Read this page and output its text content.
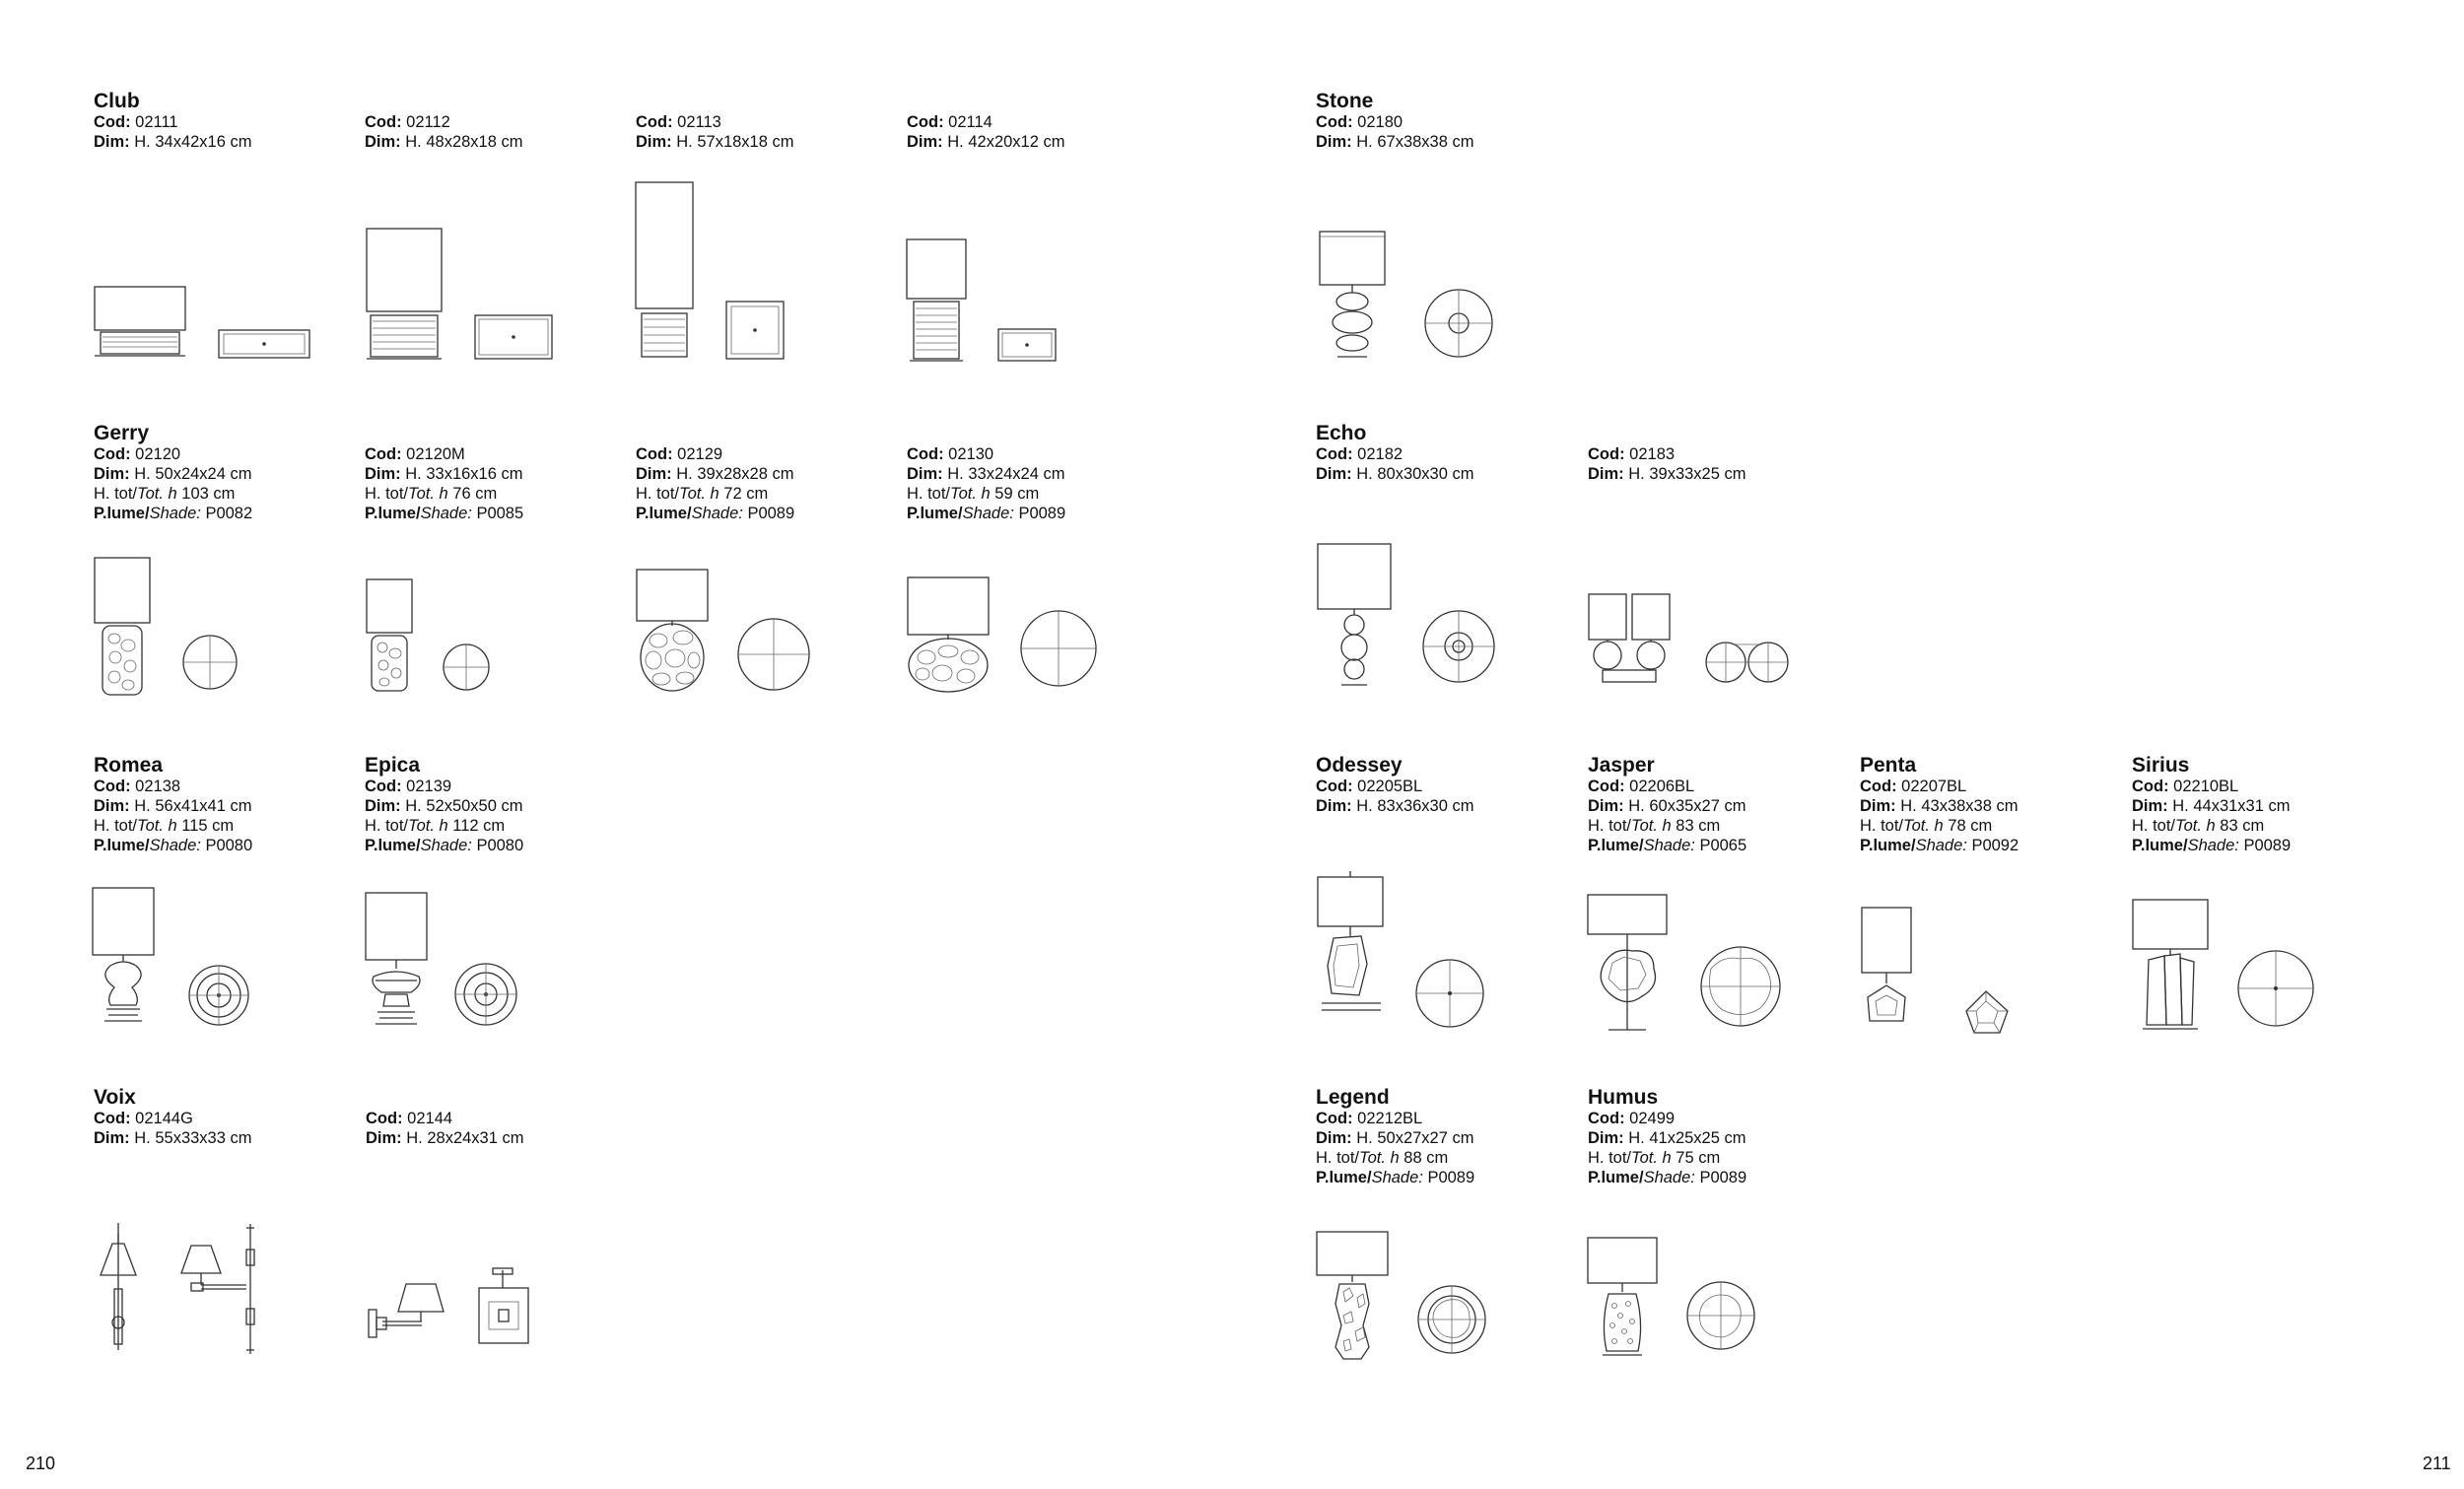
Club
Cod: 02111
Dim: H. 34x42x16 cm
Cod: 02112
Dim: H. 48x28x18 cm
Cod: 02113
Dim: H. 57x18x18 cm
Cod: 02114
Dim: H. 42x20x12 cm
Stone
Cod: 02180
Dim: H. 67x38x38 cm
Gerry
Cod: 02120
Dim: H. 50x24x24 cm
H. tot/Tot. h 103 cm
P.lume/Shade: P0082
Cod: 02120M
Dim: H. 33x16x16 cm
H. tot/Tot. h 76 cm
P.lume/Shade: P0085
Cod: 02129
Dim: H. 39x28x28 cm
H. tot/Tot. h 72 cm
P.lume/Shade: P0089
Cod: 02130
Dim: H. 33x24x24 cm
H. tot/Tot. h 59 cm
P.lume/Shade: P0089
Echo
Cod: 02182
Dim: H. 80x30x30 cm
Cod: 02183
Dim: H. 39x33x25 cm
Romea
Cod: 02138
Dim: H. 56x41x41 cm
H. tot/Tot. h 115 cm
P.lume/Shade: P0080
Epica
Cod: 02139
Dim: H. 52x50x50 cm
H. tot/Tot. h 112 cm
P.lume/Shade: P0080
Odessey
Cod: 02205BL
Dim: H. 83x36x30 cm
Jasper
Cod: 02206BL
Dim: H. 60x35x27 cm
H. tot/Tot. h 83 cm
P.lume/Shade: P0065
Penta
Cod: 02207BL
Dim: H. 43x38x38 cm
H. tot/Tot. h 78 cm
P.lume/Shade: P0092
Sirius
Cod: 02210BL
Dim: H. 44x31x31 cm
H. tot/Tot. h 83 cm
P.lume/Shade: P0089
Voix
Cod: 02144G
Dim: H. 55x33x33 cm
Cod: 02144
Dim: H. 28x24x31 cm
Legend
Cod: 02212BL
Dim: H. 50x27x27 cm
H. tot/Tot. h 88 cm
P.lume/Shade: P0089
Humus
Cod: 02499
Dim: H. 41x25x25 cm
H. tot/Tot. h 75 cm
P.lume/Shade: P0089
210	211
